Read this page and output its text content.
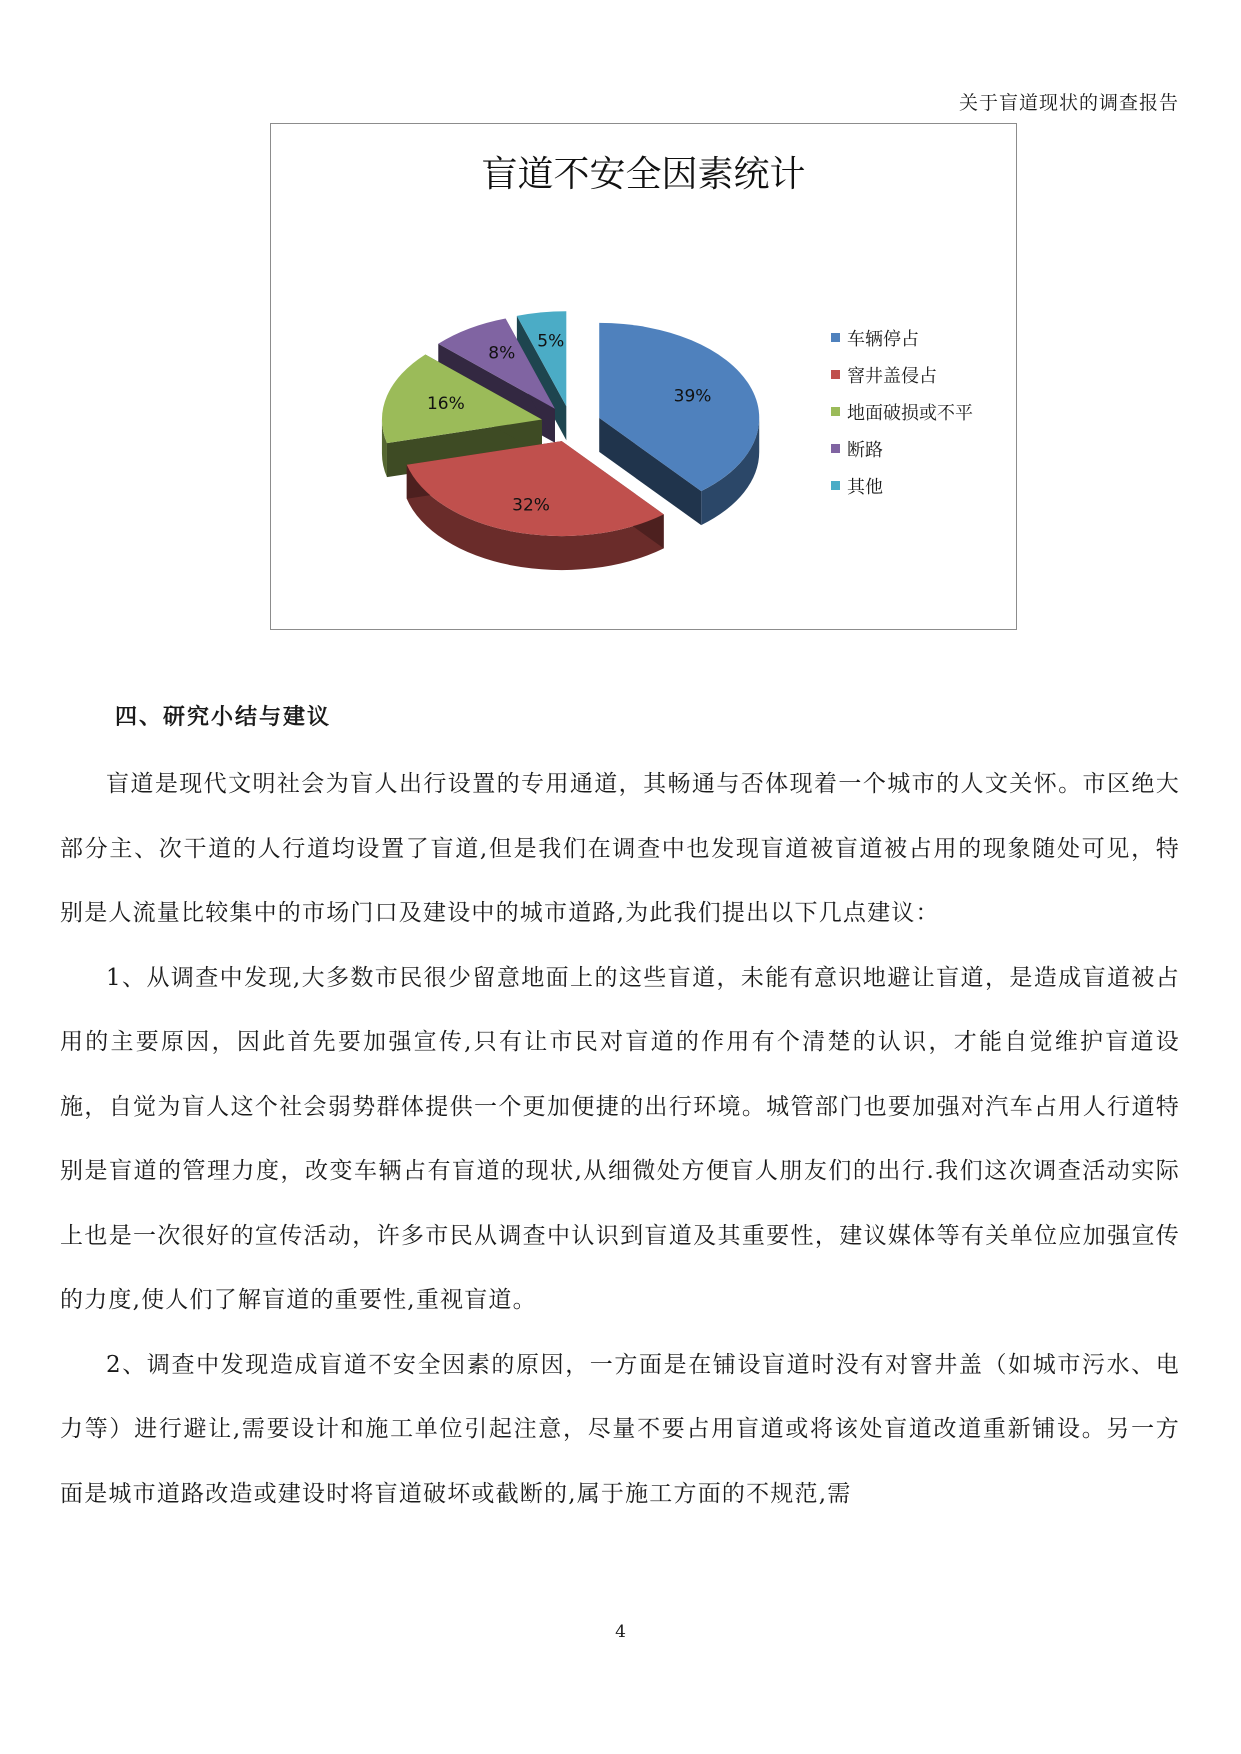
关于盲道现状的调查报告
39%
32%
16%
8%
5%
盲道不安全因素统计
车辆停占
窨井盖侵占
地面破损或不平
断路
其他
四、研究小结与建议

盲道是现代文明社会为盲人出行设置的专用通道，其畅通与否体现着一个城市的人文关怀。市区绝大部分主、次干道的人行道均设置了盲道,但是我们在调查中也发现盲道被盲道被占用的现象随处可见，特别是人流量比较集中的市场门口及建设中的城市道路,为此我们提出以下几点建议：

1、从调查中发现,大多数市民很少留意地面上的这些盲道，未能有意识地避让盲道，是造成盲道被占用的主要原因，因此首先要加强宣传,只有让市民对盲道的作用有个清楚的认识，才能自觉维护盲道设施，自觉为盲人这个社会弱势群体提供一个更加便捷的出行环境。城管部门也要加强对汽车占用人行道特别是盲道的管理力度，改变车辆占有盲道的现状,从细微处方便盲人朋友们的出行.我们这次调查活动实际上也是一次很好的宣传活动，许多市民从调查中认识到盲道及其重要性，建议媒体等有关单位应加强宣传的力度,使人们了解盲道的重要性,重视盲道。

2、调查中发现造成盲道不安全因素的原因，一方面是在铺设盲道时没有对窨井盖（如城市污水、电力等）进行避让,需要设计和施工单位引起注意，尽量不要占用盲道或将该处盲道改道重新铺设。另一方面是城市道路改造或建设时将盲道破坏或截断的,属于施工方面的不规范,需

4
